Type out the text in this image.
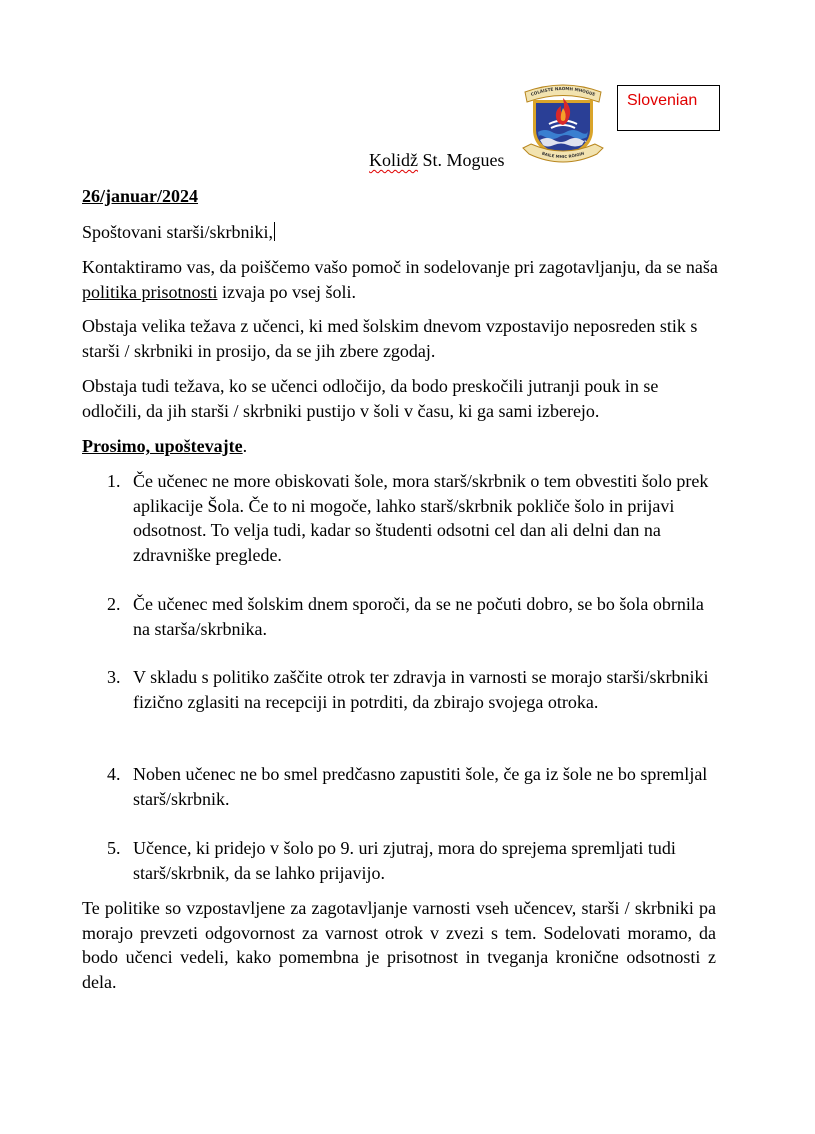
Slovenian
COLÁISTE NAOMH MHOGUE
BAILE MHIC RÓIGIN
Kolidž St. Mogues
26/januar/2024
Spoštovani starši/skrbniki,
Kontaktiramo vas, da poiščemo vašo pomoč in sodelovanje pri zagotavljanju, da se naša politika prisotnosti izvaja po vsej šoli.
Obstaja velika težava z učenci, ki med šolskim dnevom vzpostavijo neposreden stik s starši / skrbniki in prosijo, da se jih zbere zgodaj.
Obstaja tudi težava, ko se učenci odločijo, da bodo preskočili jutranji pouk in se odločili, da jih starši / skrbniki pustijo v šoli v času, ki ga sami izberejo.
Prosimo, upoštevajte.
1. Če učenec ne more obiskovati šole, mora starš/skrbnik o tem obvestiti šolo prek aplikacije Šola. Če to ni mogoče, lahko starš/skrbnik pokliče šolo in prijavi odsotnost. To velja tudi, kadar so študenti odsotni cel dan ali delni dan na zdravniške preglede.
2. Če učenec med šolskim dnem sporoči, da se ne počuti dobro, se bo šola obrnila na starša/skrbnika.
3. V skladu s politiko zaščite otrok ter zdravja in varnosti se morajo starši/skrbniki fizično zglasiti na recepciji in potrditi, da zbirajo svojega otroka.
4. Noben učenec ne bo smel predčasno zapustiti šole, če ga iz šole ne bo spremljal starš/skrbnik.
5. Učence, ki pridejo v šolo po 9. uri zjutraj, mora do sprejema spremljati tudi starš/skrbnik, da se lahko prijavijo.
Te politike so vzpostavljene za zagotavljanje varnosti vseh učencev, starši / skrbniki pa morajo prevzeti odgovornost za varnost otrok v zvezi s tem. Sodelovati moramo, da bodo učenci vedeli, kako pomembna je prisotnost in tveganja kronične odsotnosti z dela.
